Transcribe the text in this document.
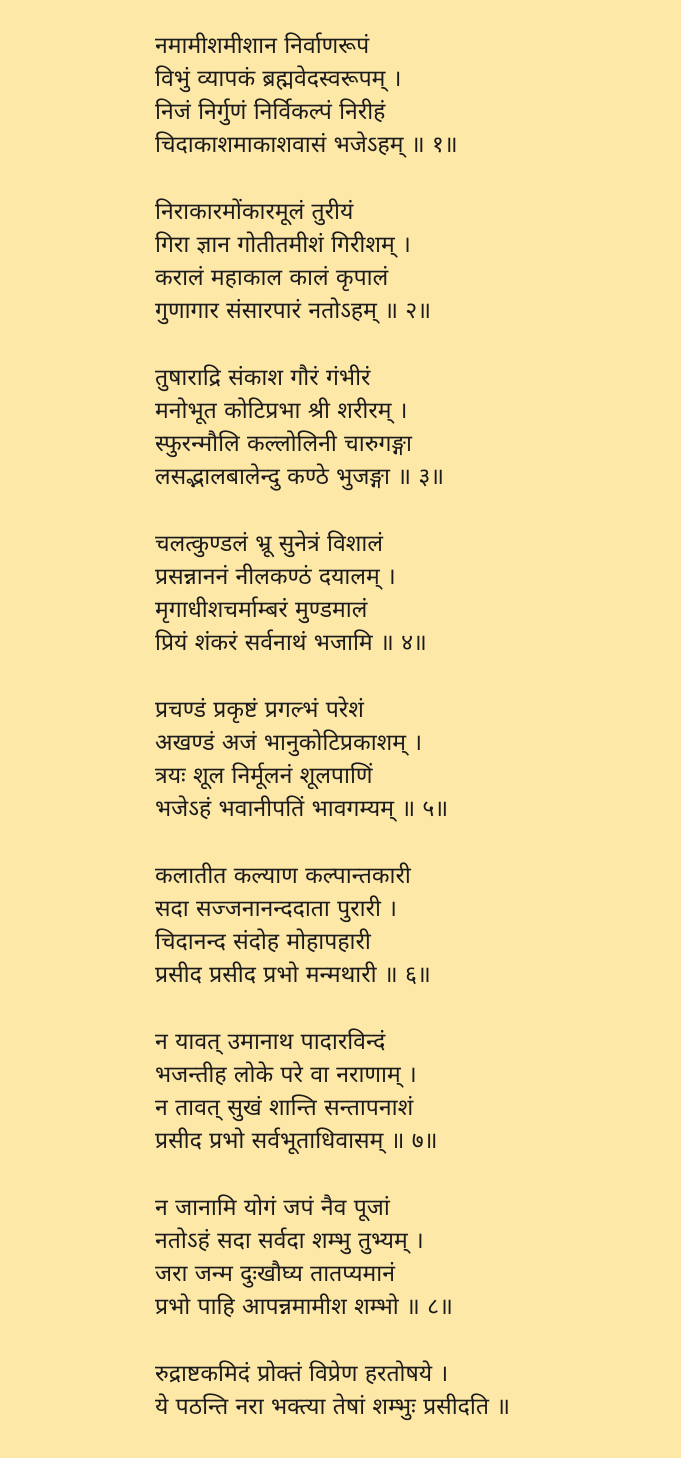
नमामीशमीशान निर्वाणरूपं
विभुं व्यापकं ब्रह्मवेदस्वरूपम् ।
निजं निर्गुणं निर्विकल्पं निरीहं
चिदाकाशमाकाशवासं भजेऽहम् ॥ १॥
निराकारमोंकारमूलं तुरीयं
गिरा ज्ञान गोतीतमीशं गिरीशम् ।
करालं महाकाल कालं कृपालं
गुणागार संसारपारं नतोऽहम् ॥ २॥
तुषाराद्रि संकाश गौरं गंभीरं
मनोभूत कोटिप्रभा श्री शरीरम् ।
स्फुरन्मौलि कल्लोलिनी चारुगङ्गा
लसद्भालबालेन्दु कण्ठे भुजङ्गा ॥ ३॥
चलत्कुण्डलं भ्रू सुनेत्रं विशालं
प्रसन्नाननं नीलकण्ठं दयालम् ।
मृगाधीशचर्माम्बरं मुण्डमालं
प्रियं शंकरं सर्वनाथं भजामि ॥ ४॥
प्रचण्डं प्रकृष्टं प्रगल्भं परेशं
अखण्डं अजं भानुकोटिप्रकाशम् ।
त्रयः शूल निर्मूलनं शूलपाणिं
भजेऽहं भवानीपतिं भावगम्यम् ॥ ५॥
कलातीत कल्याण कल्पान्तकारी
सदा सज्जनानन्ददाता पुरारी ।
चिदानन्द संदोह मोहापहारी
प्रसीद प्रसीद प्रभो मन्मथारी ॥ ६॥
न यावत् उमानाथ पादारविन्दं
भजन्तीह लोके परे वा नराणाम् ।
न तावत् सुखं शान्ति सन्तापनाशं
प्रसीद प्रभो सर्वभूताधिवासम् ॥ ७॥
न जानामि योगं जपं नैव पूजां
नतोऽहं सदा सर्वदा शम्भु तुभ्यम् ।
जरा जन्म दुःखौघ्य तातप्यमानं
प्रभो पाहि आपन्नमामीश शम्भो ॥ ८॥
रुद्राष्टकमिदं प्रोक्तं विप्रेण हरतोषये ।
ये पठन्ति नरा भक्त्या तेषां शम्भुः प्रसीदति ॥
